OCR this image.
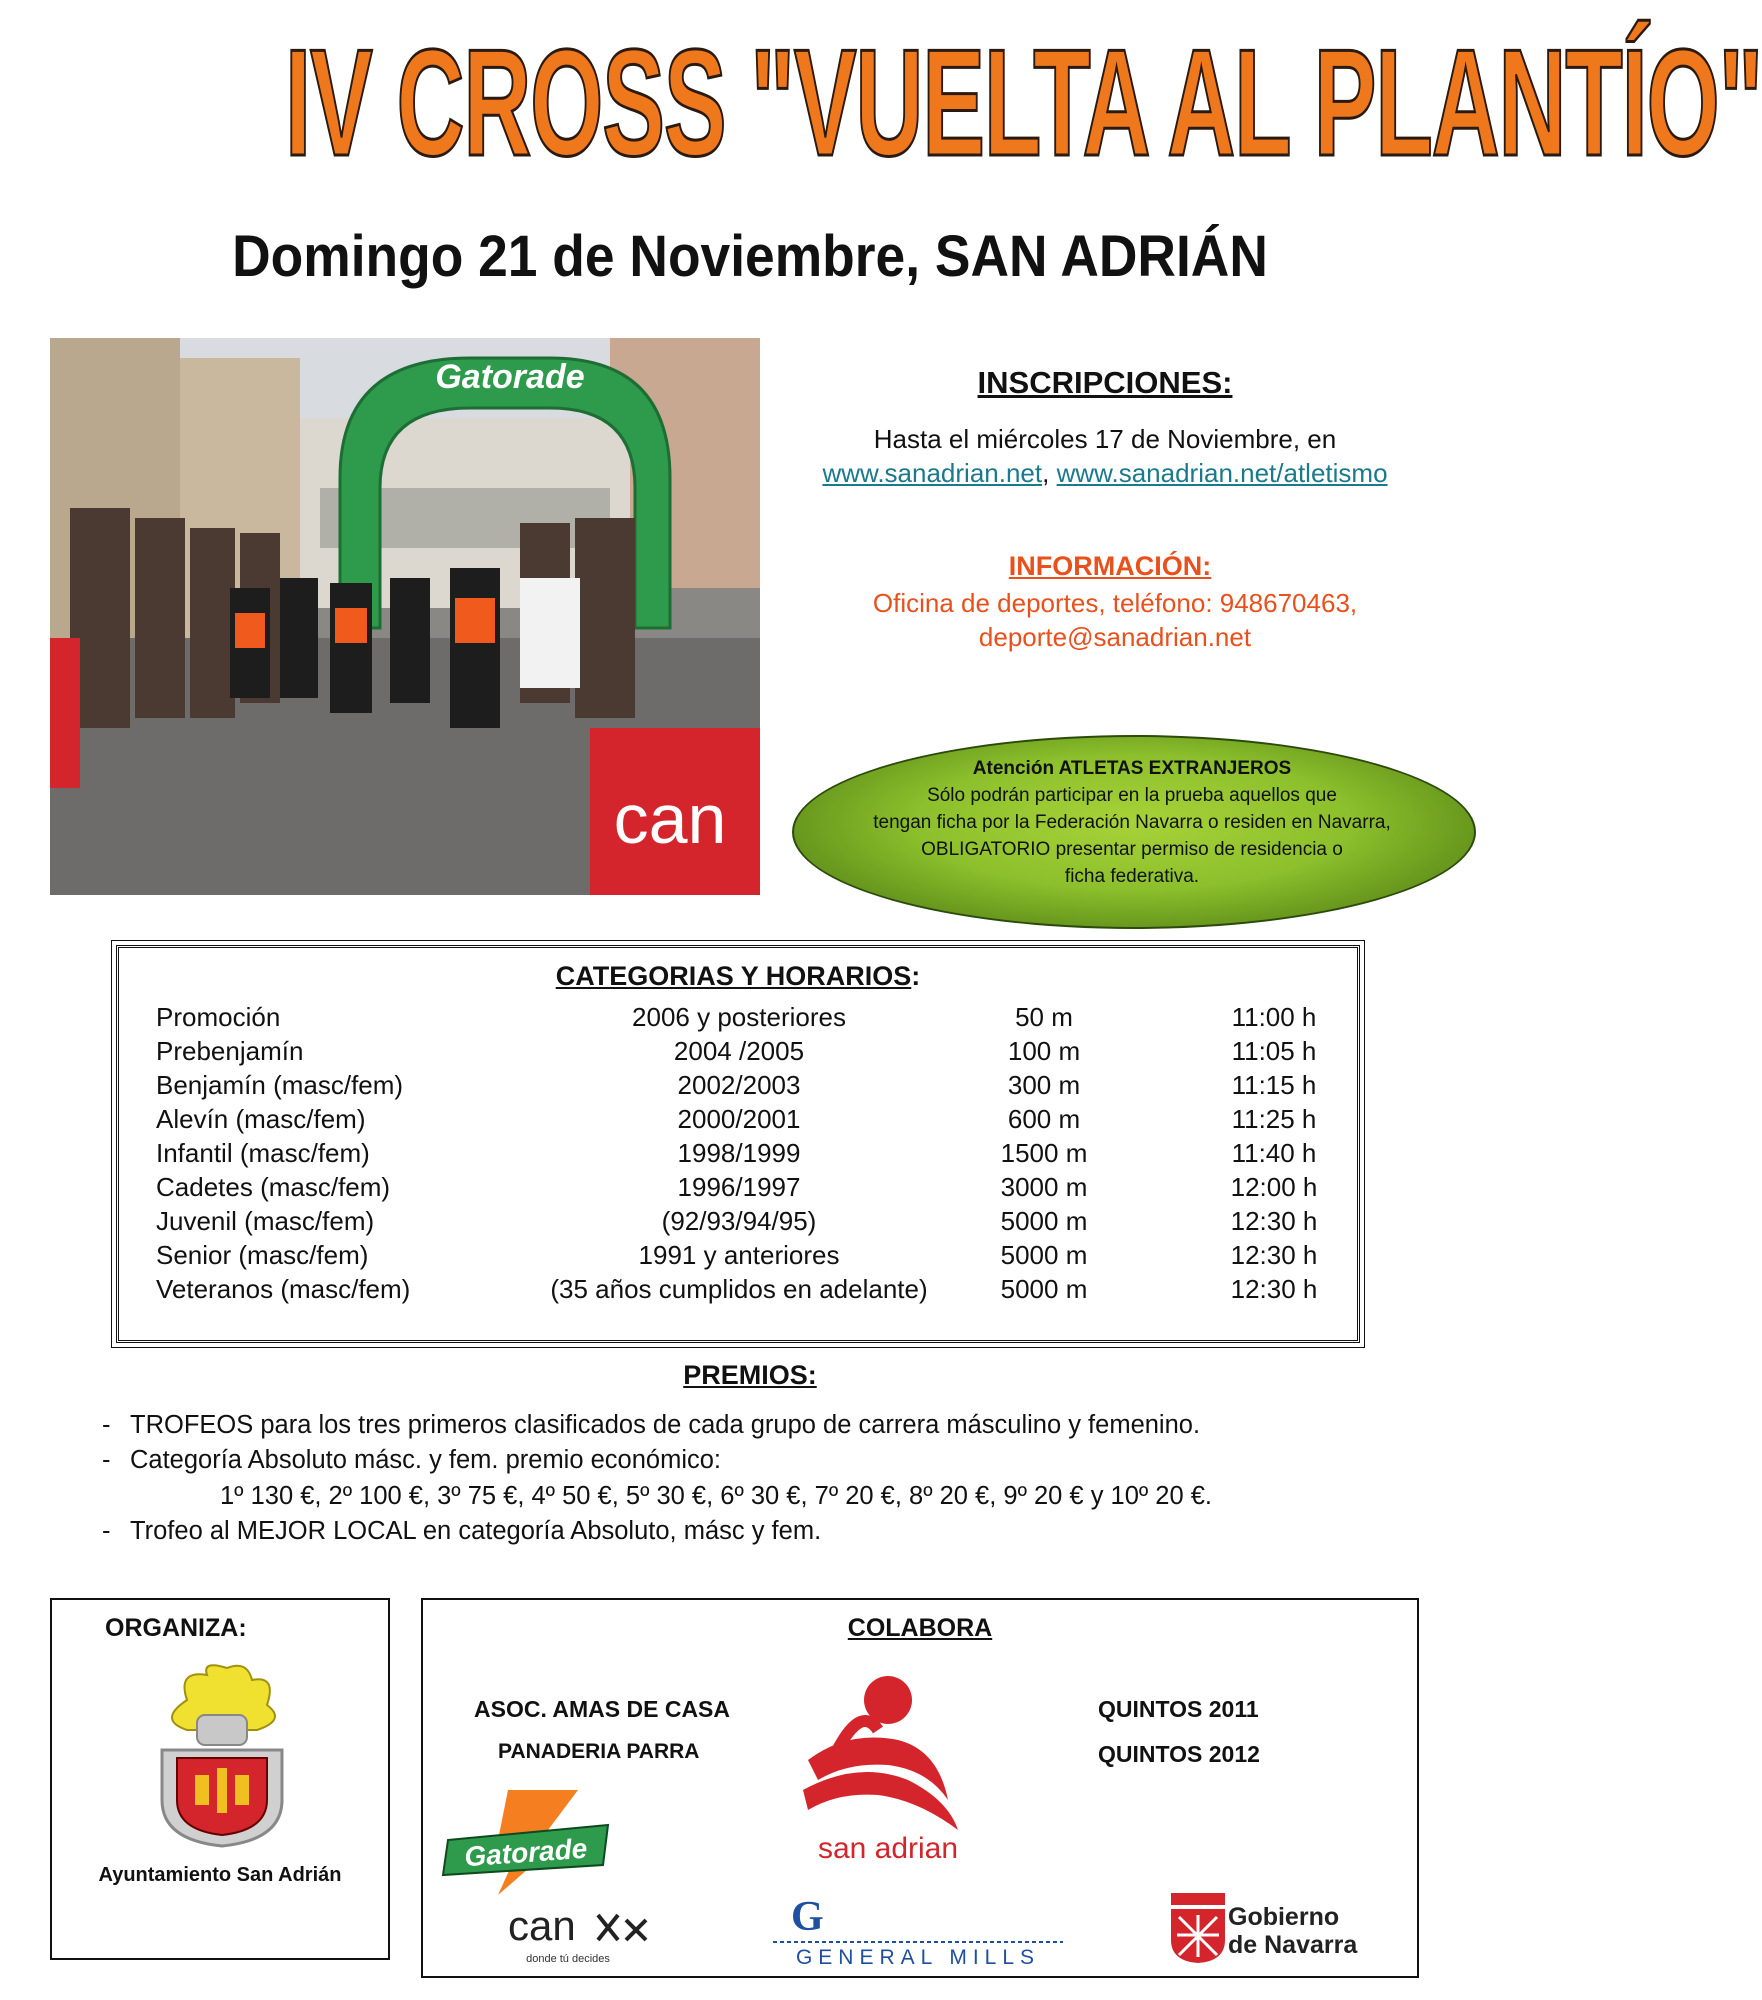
IV CROSS "VUELTA AL PLANTÍO"
Domingo 21 de Noviembre, SAN ADRIÁN
Gatorade
can
INSCRIPCIONES:
Hasta el miércoles 17 de Noviembre, en
www.sanadrian.net, www.sanadrian.net/atletismo
INFORMACIÓN:
Oficina de deportes, teléfono: 948670463,
deporte@sanadrian.net
Atención ATLETAS EXTRANJEROS
Sólo podrán participar en la prueba aquellos que
tengan ficha por la Federación Navarra o residen en Navarra,
OBLIGATORIO presentar permiso de residencia o
ficha federativa.
CATEGORIAS Y HORARIOS:
Promoción	2006 y posteriores	50 m	11:00 h
Prebenjamín	2004 /2005	100 m	11:05 h
Benjamín (masc/fem)	2002/2003	300 m	11:15 h
Alevín (masc/fem)	2000/2001	600 m	11:25 h
Infantil (masc/fem)	1998/1999	1500 m	11:40 h
Cadetes (masc/fem)	1996/1997	3000 m	12:00 h
Juvenil (masc/fem)	(92/93/94/95)	5000 m	12:30 h
Senior (masc/fem)	1991 y anteriores	5000 m	12:30 h
Veteranos (masc/fem)	(35 años cumplidos en adelante)	5000 m	12:30 h
PREMIOS:
- TROFEOS para los tres primeros clasificados de cada grupo de carrera másculino y femenino.
- Categoría Absoluto másc. y fem. premio económico:
1º 130 €, 2º 100 €, 3º 75 €, 4º 50 €, 5º 30 €, 6º 30 €, 7º 20 €, 8º 20 €, 9º 20 € y 10º 20 €.
- Trofeo al MEJOR LOCAL en categoría Absoluto, másc y fem.
ORGANIZA:
Ayuntamiento San Adrián
COLABORA
ASOC. AMAS DE CASA
PANADERIA PARRA
QUINTOS 2011
QUINTOS 2012
Gatorade	san adrian
can
donde tú decides
G
GENERAL MILLS
Gobierno
de Navarra
